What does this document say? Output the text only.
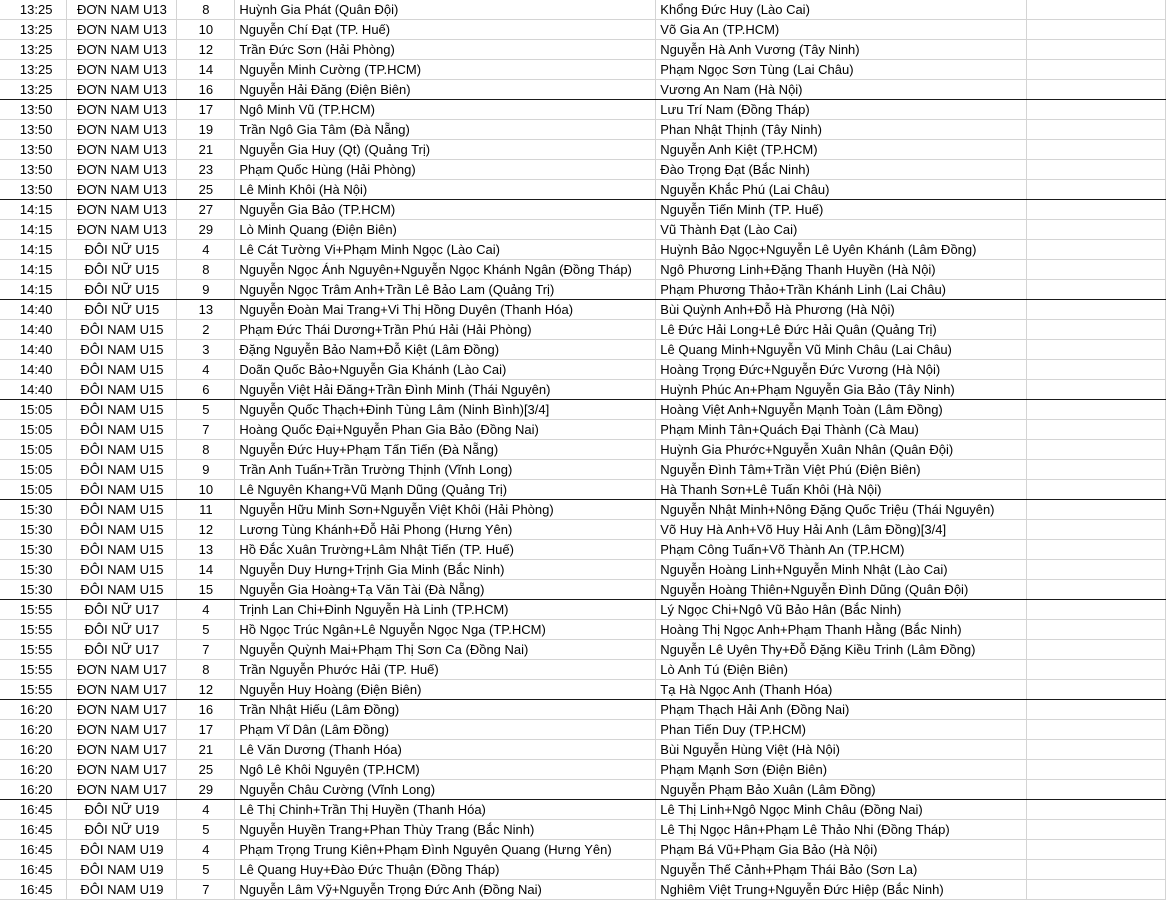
13:25	ĐƠN NAM U13	8	Huỳnh Gia Phát (Quân Đội)	Khổng Đức Huy (Lào Cai)	
13:25	ĐƠN NAM U13	10	Nguyễn Chí Đạt (TP. Huế)	Võ Gia An (TP.HCM)	
13:25	ĐƠN NAM U13	12	Trần Đức Sơn (Hải Phòng)	Nguyễn Hà Anh Vương (Tây Ninh)	
13:25	ĐƠN NAM U13	14	Nguyễn Minh Cường (TP.HCM)	Phạm Ngọc Sơn Tùng (Lai Châu)	
13:25	ĐƠN NAM U13	16	Nguyễn Hải Đăng (Điện Biên)	Vương An Nam (Hà Nội)	
13:50	ĐƠN NAM U13	17	Ngô Minh Vũ (TP.HCM)	Lưu Trí Nam (Đồng Tháp)	
13:50	ĐƠN NAM U13	19	Trần Ngô Gia Tâm (Đà Nẵng)	Phan Nhật Thịnh (Tây Ninh)	
13:50	ĐƠN NAM U13	21	Nguyễn Gia Huy (Qt) (Quảng Trị)	Nguyễn Anh Kiệt (TP.HCM)	
13:50	ĐƠN NAM U13	23	Phạm Quốc Hùng (Hải Phòng)	Đào Trọng Đạt (Bắc Ninh)	
13:50	ĐƠN NAM U13	25	Lê Minh Khôi (Hà Nội)	Nguyễn Khắc Phú (Lai Châu)	
14:15	ĐƠN NAM U13	27	Nguyễn Gia Bảo (TP.HCM)	Nguyễn Tiến Minh (TP. Huế)	
14:15	ĐƠN NAM U13	29	Lò Minh Quang (Điện Biên)	Vũ Thành Đạt (Lào Cai)	
14:15	ĐÔI NỮ U15	4	Lê Cát Tường Vi+Phạm Minh Ngọc (Lào Cai)	Huỳnh Bảo Ngọc+Nguyễn Lê Uyên Khánh (Lâm Đồng)	
14:15	ĐÔI NỮ U15	8	Nguyễn Ngọc Ánh Nguyên+Nguyễn Ngọc Khánh Ngân (Đồng Tháp)	Ngô Phương Linh+Đặng Thanh Huyền (Hà Nội)	
14:15	ĐÔI NỮ U15	9	Nguyễn Ngọc Trâm Anh+Trần Lê Bảo Lam (Quảng Trị)	Phạm Phương Thảo+Trần Khánh Linh (Lai Châu)	
14:40	ĐÔI NỮ U15	13	Nguyễn Đoàn Mai Trang+Vi Thị Hồng Duyên (Thanh Hóa)	Bùi Quỳnh Anh+Đỗ Hà Phương (Hà Nội)	
14:40	ĐÔI NAM U15	2	Phạm Đức Thái Dương+Trần Phú Hải (Hải Phòng)	Lê Đức Hải Long+Lê Đức Hải Quân (Quảng Trị)	
14:40	ĐÔI NAM U15	3	Đặng Nguyễn Bảo Nam+Đỗ Kiệt (Lâm Đồng)	Lê Quang Minh+Nguyễn Vũ Minh Châu (Lai Châu)	
14:40	ĐÔI NAM U15	4	Doãn Quốc Bảo+Nguyễn Gia Khánh (Lào Cai)	Hoàng Trọng Đức+Nguyễn Đức Vương (Hà Nội)	
14:40	ĐÔI NAM U15	6	Nguyễn Việt Hải Đăng+Trần Đình Minh (Thái Nguyên)	Huỳnh Phúc An+Phạm Nguyễn Gia Bảo (Tây Ninh)	
15:05	ĐÔI NAM U15	5	Nguyễn Quốc Thạch+Đinh Tùng Lâm (Ninh Bình)[3/4]	Hoàng Việt Anh+Nguyễn Mạnh Toàn (Lâm Đồng)	
15:05	ĐÔI NAM U15	7	Hoàng Quốc Đại+Nguyễn Phan Gia Bảo (Đồng Nai)	Phạm Minh Tân+Quách Đại Thành (Cà Mau)	
15:05	ĐÔI NAM U15	8	Nguyễn Đức Huy+Phạm Tấn Tiến (Đà Nẵng)	Huỳnh Gia Phước+Nguyễn Xuân Nhân (Quân Đội)	
15:05	ĐÔI NAM U15	9	Trần Anh Tuấn+Trần Trường Thịnh (Vĩnh Long)	Nguyễn Đình Tâm+Trần Việt Phú (Điện Biên)	
15:05	ĐÔI NAM U15	10	Lê Nguyên Khang+Vũ Mạnh Dũng (Quảng Trị)	Hà Thanh Sơn+Lê Tuấn Khôi (Hà Nội)	
15:30	ĐÔI NAM U15	11	Nguyễn Hữu Minh Sơn+Nguyễn Việt Khôi (Hải Phòng)	Nguyễn Nhật Minh+Nông Đặng Quốc Triệu (Thái Nguyên)	
15:30	ĐÔI NAM U15	12	Lương Tùng Khánh+Đỗ Hải Phong (Hưng Yên)	Võ Huy Hà Anh+Võ Huy Hải Anh (Lâm Đồng)[3/4]	
15:30	ĐÔI NAM U15	13	Hồ Đắc Xuân Trường+Lâm Nhật Tiến (TP. Huế)	Phạm Công Tuấn+Võ Thành An (TP.HCM)	
15:30	ĐÔI NAM U15	14	Nguyễn Duy Hưng+Trịnh Gia Minh (Bắc Ninh)	Nguyễn Hoàng Linh+Nguyễn Minh Nhật (Lào Cai)	
15:30	ĐÔI NAM U15	15	Nguyễn Gia Hoàng+Tạ Văn Tài (Đà Nẵng)	Nguyễn Hoàng Thiên+Nguyễn Đình Dũng (Quân Đội)	
15:55	ĐÔI NỮ U17	4	Trịnh Lan Chi+Đinh Nguyễn Hà Linh (TP.HCM)	Lý Ngọc Chi+Ngô Vũ Bảo Hân (Bắc Ninh)	
15:55	ĐÔI NỮ U17	5	Hồ Ngọc Trúc Ngân+Lê Nguyễn Ngọc Nga (TP.HCM)	Hoàng Thị Ngọc Anh+Phạm Thanh Hằng (Bắc Ninh)	
15:55	ĐÔI NỮ U17	7	Nguyễn Quỳnh Mai+Phạm Thị Sơn Ca (Đồng Nai)	Nguyễn Lê Uyên Thy+Đỗ Đặng Kiều Trinh (Lâm Đồng)	
15:55	ĐƠN NAM U17	8	Trần Nguyễn Phước Hải (TP. Huế)	Lò Anh Tú (Điện Biên)	
15:55	ĐƠN NAM U17	12	Nguyễn Huy Hoàng (Điện Biên)	Tạ Hà Ngọc Anh (Thanh Hóa)	
16:20	ĐƠN NAM U17	16	Trần Nhật Hiếu (Lâm Đồng)	Phạm Thạch Hải Anh (Đồng Nai)	
16:20	ĐƠN NAM U17	17	Phạm Vĩ Dân (Lâm Đồng)	Phan Tiến Duy (TP.HCM)	
16:20	ĐƠN NAM U17	21	Lê Văn Dương (Thanh Hóa)	Bùi Nguyễn Hùng Việt (Hà Nội)	
16:20	ĐƠN NAM U17	25	Ngô Lê Khôi Nguyên (TP.HCM)	Phạm Mạnh Sơn (Điện Biên)	
16:20	ĐƠN NAM U17	29	Nguyễn Châu Cường (Vĩnh Long)	Nguyễn Phạm Bảo Xuân (Lâm Đồng)	
16:45	ĐÔI NỮ U19	4	Lê Thị Chinh+Trần Thị Huyền (Thanh Hóa)	Lê Thị Linh+Ngô Ngọc Minh Châu (Đồng Nai)	
16:45	ĐÔI NỮ U19	5	Nguyễn Huyền Trang+Phan Thùy Trang (Bắc Ninh)	Lê Thị Ngọc Hân+Phạm Lê Thảo Nhi (Đồng Tháp)	
16:45	ĐÔI NAM U19	4	Phạm Trọng Trung Kiên+Phạm Đình Nguyên Quang (Hưng Yên)	Phạm Bá Vũ+Phạm Gia Bảo (Hà Nội)	
16:45	ĐÔI NAM U19	5	Lê Quang Huy+Đào Đức Thuận (Đồng Tháp)	Nguyễn Thế Cảnh+Phạm Thái Bảo (Sơn La)	
16:45	ĐÔI NAM U19	7	Nguyễn Lâm Vỹ+Nguyễn Trọng Đức Anh (Đồng Nai)	Nghiêm Việt Trung+Nguyễn Đức Hiệp (Bắc Ninh)	
